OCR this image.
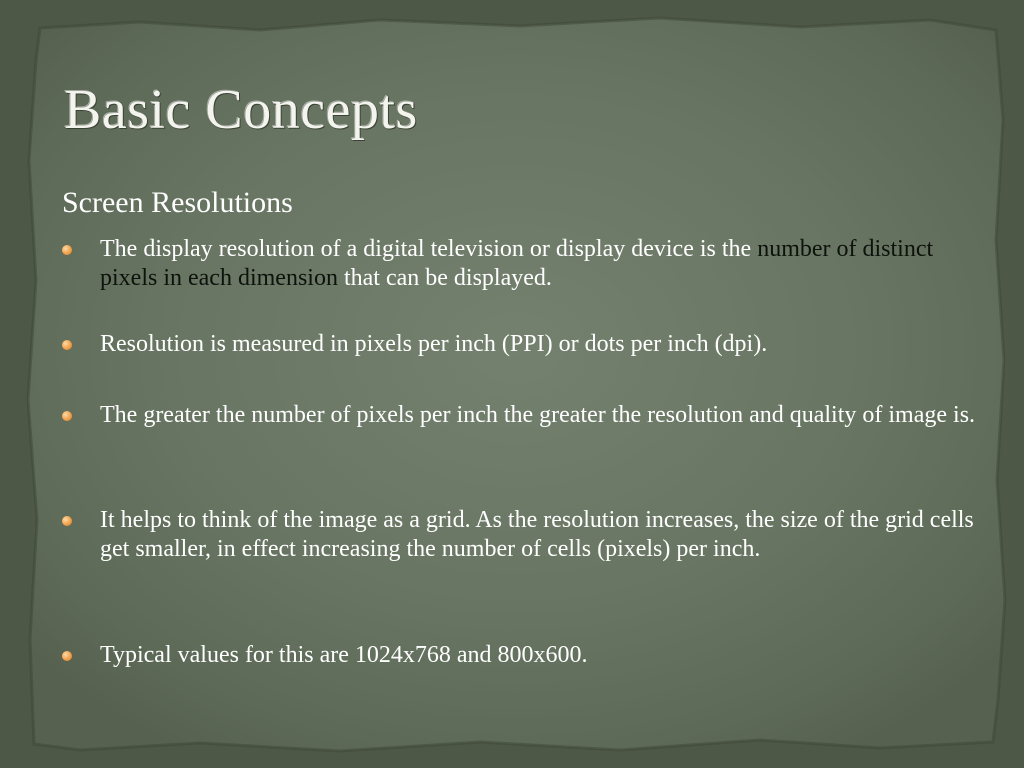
Basic Concepts
Screen Resolutions
The display resolution of a digital television or display device is the number of distinct pixels in each dimension that can be displayed.
Resolution is measured in pixels per inch (PPI) or dots per inch (dpi).
The greater the number of pixels per inch the greater the resolution and quality of image is.
It helps to think of the image as a grid. As the resolution increases, the size of the grid cells get smaller, in effect increasing the number of cells (pixels) per inch.
Typical values for this are 1024x768 and 800x600.
